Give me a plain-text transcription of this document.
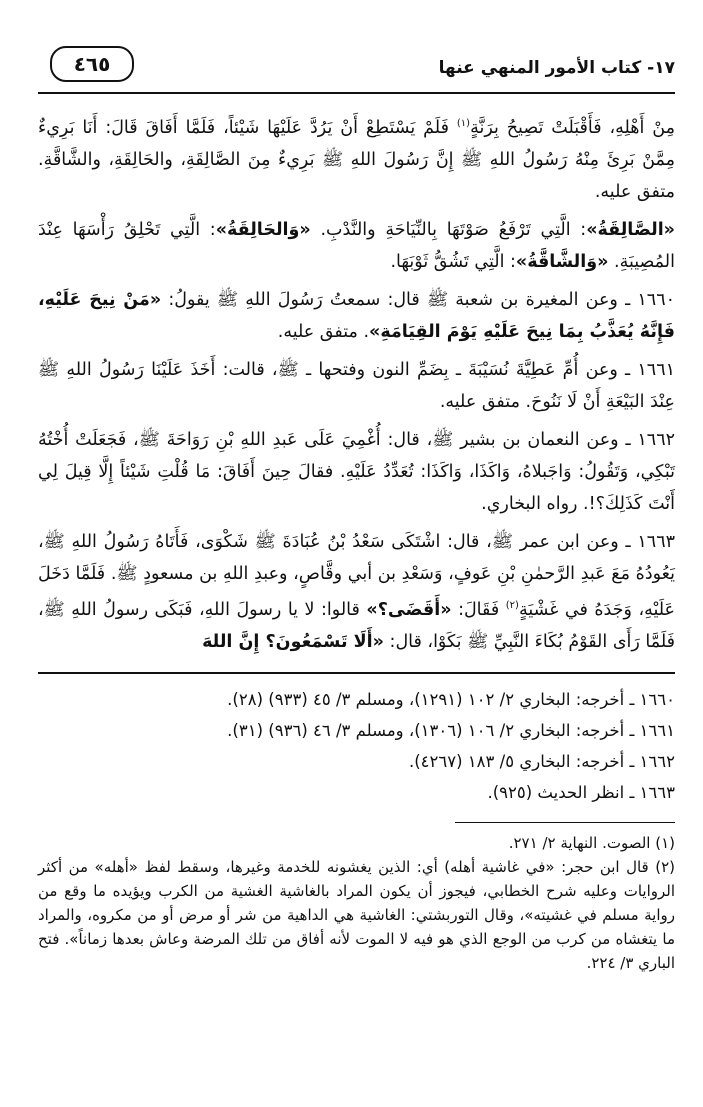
١٧- كتاب الأمور المنهي عنها
٤٦٥

مِنْ أَهْلِهِ، فَأَقْبَلَتْ تَصِيحُ بِرَنَّةٍ$^{(١)}$ فَلَمْ يَسْتَطِعْ أَنْ يَرُدَّ عَلَيْهَا شَيْئاً، فَلَمَّا أَفَاقَ قَالَ: أَنَا بَرِيءٌ مِمَّنْ بَرِئَ مِنْهُ رَسُولُ اللهِ ﷺ إِنَّ رَسُولَ اللهِ ﷺ بَرِيءٌ مِنَ الصَّالِقَةِ، والحَالِقَةِ، والشَّاقَّةِ. متفق عليه.

«الصَّالِقَةُ»: الَّتِي تَرْفَعُ صَوْتَهَا بِالنِّيَاحَةِ والنَّدْبِ. «وَالحَالِقَةُ»: الَّتِي تَحْلِقُ رَأْسَهَا عِنْدَ المُصِيبَةِ. «وَالشَّاقَّةُ»: الَّتِي تَشُقُّ ثَوْبَهَا.

١٦٦٠ ـ وعن المغيرة بن شعبة ﷺ قال: سمعتُ رَسُولَ اللهِ ﷺ يقولُ: «مَنْ نِيحَ عَلَيْهِ، فَإِنَّهُ يُعَذَّبُ بِمَا نِيحَ عَلَيْهِ يَوْمَ القِيَامَةِ». متفق عليه.

١٦٦١ ـ وعن أُمِّ عَطِيَّةَ نُسَيْبَةَ ـ بِضَمِّ النون وفتحها ـ ﷺ، قالت: أَخَذَ عَلَيْنَا رَسُولُ اللهِ ﷺ عِنْدَ البَيْعَةِ أَنْ لَا نَنُوحَ. متفق عليه.

١٦٦٢ ـ وعن النعمان بن بشير ﷺ، قال: أُغْمِيَ عَلَى عَبدِ اللهِ بْنِ رَوَاحَةَ ﷺ، فَجَعَلَتْ أُخْتُهُ تَبْكِي، وَتَقُولُ: وَاجَبلاهُ، وَاكَذَا، وَاكَذَا: تُعَدِّدُ عَلَيْهِ. فقالَ حِينَ أَفَاقَ: مَا قُلْتِ شَيْئاً إِلَّا قِيلَ لِي أَنْتَ كَذَلِكَ؟!. رواه البخاري.

١٦٦٣ ـ وعن ابن عمر ﷺ، قال: اشْتَكَى سَعْدُ بْنُ عُبَادَةَ ﷺ شَكْوَى، فَأَتَاهُ رَسُولُ اللهِ ﷺ، يَعُودُهُ مَعَ عَبدِ الرَّحمٰنِ بْنِ عَوفٍ، وَسَعْدِ بن أبي وقَّاصٍ، وعبدِ اللهِ بن مسعودٍ ﷺ. فَلَمَّا دَخَلَ عَلَيْهِ، وَجَدَهُ في غَشْيَةٍ$^{(٢)}$ فَقَالَ: «أَقَضَى؟» قالوا: لا يا رسولَ اللهِ، فَبَكَى رسولُ اللهِ ﷺ، فَلَمَّا رَأَى القَوْمُ بُكَاءَ النَّبِيِّ ﷺ بَكَوْا، قال: «أَلَا تَسْمَعُونَ؟ إِنَّ اللهَ

١٦٦٠ ـ أخرجه: البخاري ٢/ ١٠٢ (١٢٩١)، ومسلم ٣/ ٤٥ (٩٣٣) (٢٨).
١٦٦١ ـ أخرجه: البخاري ٢/ ١٠٦ (١٣٠٦)، ومسلم ٣/ ٤٦ (٩٣٦) (٣١).
١٦٦٢ ـ أخرجه: البخاري ٥/ ١٨٣ (٤٢٦٧).
١٦٦٣ ـ انظر الحديث (٩٢٥).

(١) الصوت. النهاية ٢/ ٢٧١.

(٢) قال ابن حجر: «في غاشية أهله) أي: الذين يغشونه للخدمة وغيرها، وسقط لفظ «أهله» من أكثر الروايات وعليه شرح الخطابي، فيجوز أن يكون المراد بالغاشية الغشية من الكرب ويؤيده ما وقع من رواية مسلم في غشيته»، وقال التوربشتي: الغاشية هي الداهية من شر أو مرض أو من مكروه، والمراد ما يتغشاه من كرب من الوجع الذي هو فيه لا الموت لأنه أفاق من تلك المرضة وعاش بعدها زماناً». فتح الباري ٣/ ٢٢٤.
